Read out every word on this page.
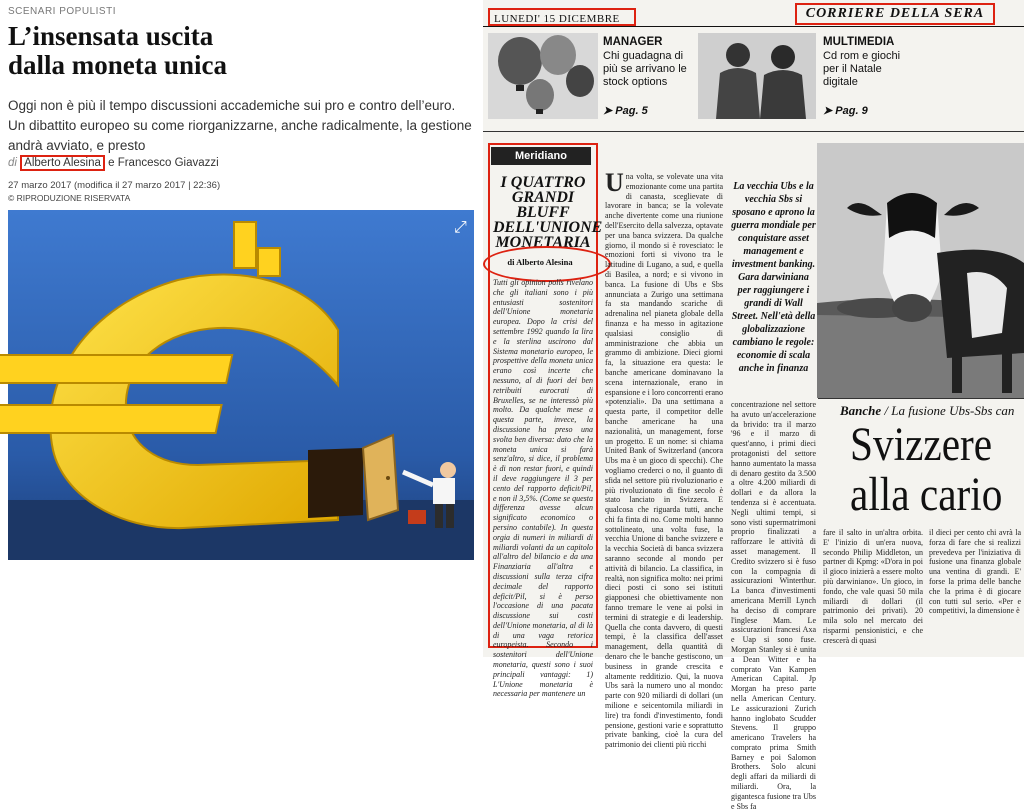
SCENARI POPULISTI
L’insensata uscita
dalla moneta unica
Oggi non è più il tempo discussioni accademiche sui pro e contro dell’euro. Un dibattito europeo su come riorganizzarne, anche radicalmente, la gestione andrà avviato, e presto
di Alberto Alesina e Francesco Giavazzi
27 marzo 2017 (modifica il 27 marzo 2017 | 22:36)
© RIPRODUZIONE RISERVATA
⤢
LUNEDI' 15 DICEMBRE	CORRIERE DELLA SERA
MANAGER
Chi guadagna di più se arrivano le stock options
➤ Pag. 5
MULTIMEDIA
Cd rom e giochi per il Natale digitale
➤ Pag. 9
Meridiano
I QUATTRO GRANDI BLUFF DELL'UNIONE MONETARIA
di Alberto Alesina
Tutti gli opinion polls rivelano che gli italiani sono i più entusiasti sostenitori dell'Unione monetaria europea. Dopo la crisi del settembre 1992 quando la lira e la sterlina uscirono dal Sistema monetario europeo, le prospettive della moneta unica erano così incerte che nessuno, al di fuori dei ben retribuiti eurocrati di Bruxelles, se ne interessò più molto. Da qualche mese a questa parte, invece, la discussione ha preso una svolta ben diversa: dato che la moneta unica si farà senz'altro, si dice, il problema è di non restar fuori, e quindi il deve raggiungere il 3 per cento del rapporto deficit/Pil, e non il 3,5%. (Come se questa differenza avesse alcun significato economico o persino contabile). In questa orgia di numeri in miliardi di miliardi volanti da un capitolo all'altro del bilancio e da una Finanziaria all'altra e discussioni sulla terza cifra decimale del rapporto deficit/Pil, si è perso l'occasione di una pacata discussione sui costi dell'Unione monetaria, al di là di una vaga retorica europeista. Secondo i sostenitori dell'Unione monetaria, questi sono i suoi principali vantaggi: 1) L'Unione monetaria è necessaria per mantenere un
Una volta, se volevate una vita emozionante come una partita di canasta, sceglievate di lavorare in banca; se la volevate anche divertente come una riunione dell'Esercito della salvezza, optavate per una banca svizzera. Da qualche giorno, il mondo si è rovesciato: le emozioni forti si vivono tra le latitudine di Lugano, a sud, e quella di Basilea, a nord; e si vivono in banca. La fusione di Ubs e Sbs annunciata a Zurigo una settimana fa sta mandando scariche di adrenalina nel pianeta globale della finanza e ha messo in agitazione qualsiasi consiglio di amministrazione che abbia un grammo di ambizione. Dieci giorni fa, la situazione era questa: le banche americane dominavano la scena internazionale, erano in espansione e i loro concorrenti erano «potenziali». Da una settimana a questa parte, il competitor delle banche americane ha una nazionalità, un management, forse un progetto. E un nome: si chiama United Bank of Switzerland (ancora Ubs ma è un gioco di specchi). Che vogliamo crederci o no, il guanto di sfida nel settore più rivoluzionario e più rivoluzionato di fine secolo è stato lanciato in Svizzera. E qualcosa che riguarda tutti, anche chi fa finta di no. Come molti hanno sottolineato, una volta fuse, la vecchia Unione di banche svizzere e la vecchia Società di banca svizzera saranno seconde al mondo per attività di bilancio. La classifica, in realtà, non significa molto: nei primi dieci posti ci sono sei istituti giapponesi che obiettivamente non fanno tremare le vene ai polsi in termini di strategie e di leadership. Quella che conta davvero, di questi tempi, è la classifica dell'asset management, della quantità di denaro che le banche gestiscono, un business in grande crescita e altamente redditizio. Qui, la nuova Ubs sarà la numero uno al mondo: parte con 920 miliardi di dollari (un milione e seicentomila miliardi in lire) tra fondi d'investimento, fondi pensione, gestioni varie e soprattutto private banking, cioè la cura del patrimonio dei clienti più ricchi
La vecchia Ubs e la vecchia Sbs si sposano e aprono la guerra mondiale per conquistare asset management e investment banking. Gara darwiniana per raggiungere i grandi di Wall Street. Nell'età della globalizzazione cambiano le regole: economie di scala anche in finanza
concentrazione nel settore ha avuto un'accelerazione da brivido: tra il marzo '96 e il marzo di quest'anno, i primi dieci protagonisti del settore hanno aumentato la massa di denaro gestito da 3.500 a oltre 4.200 miliardi di dollari e da allora la tendenza si è accentuata. Negli ultimi tempi, si sono visti supermatrimoni proprio finalizzati a rafforzare le attività di asset management. Il Credito svizzero si è fuso con la compagnia di assicurazioni Winterthur. La banca d'investimenti americana Merrill Lynch ha deciso di comprare l'inglese Mam. Le assicurazioni francesi Axa e Uap si sono fuse. Morgan Stanley si è unita a Dean Witter e ha comprato Van Kampen American Capital. Jp Morgan ha preso parte nella American Century. Le assicurazioni Zurich hanno inglobato Scudder Stevens. Il gruppo americano Travelers ha comprato prima Smith Barney e poi Salomon Brothers. Solo alcuni degli affari da miliardi di miliardi. Ora, la gigantesca fusione tra Ubs e Sbs fa
Banche / La fusione Ubs-Sbs can
Svizzere
alla cario
fare il salto in un'altra orbita. E' l'inizio di un'era nuova, secondo Philip Middleton, un partner di Kpmg: «D'ora in poi il gioco inizierà a essere molto più darwiniano». Un gioco, in fondo, che vale quasi 50 mila miliardi di dollari (il patrimonio dei privati). 20 mila solo nel mercato dei risparmi pensionistici, e che crescerà di quasi
il dieci per cento chi avrà la forza di fare che si realizzi prevedeva per l'iniziativa di fusione una finanza globale una ventina di grandi. E' forse la prima delle banche che la prima è di giocare con tutti sul serio. «Per e competitivi, la dimensione è
